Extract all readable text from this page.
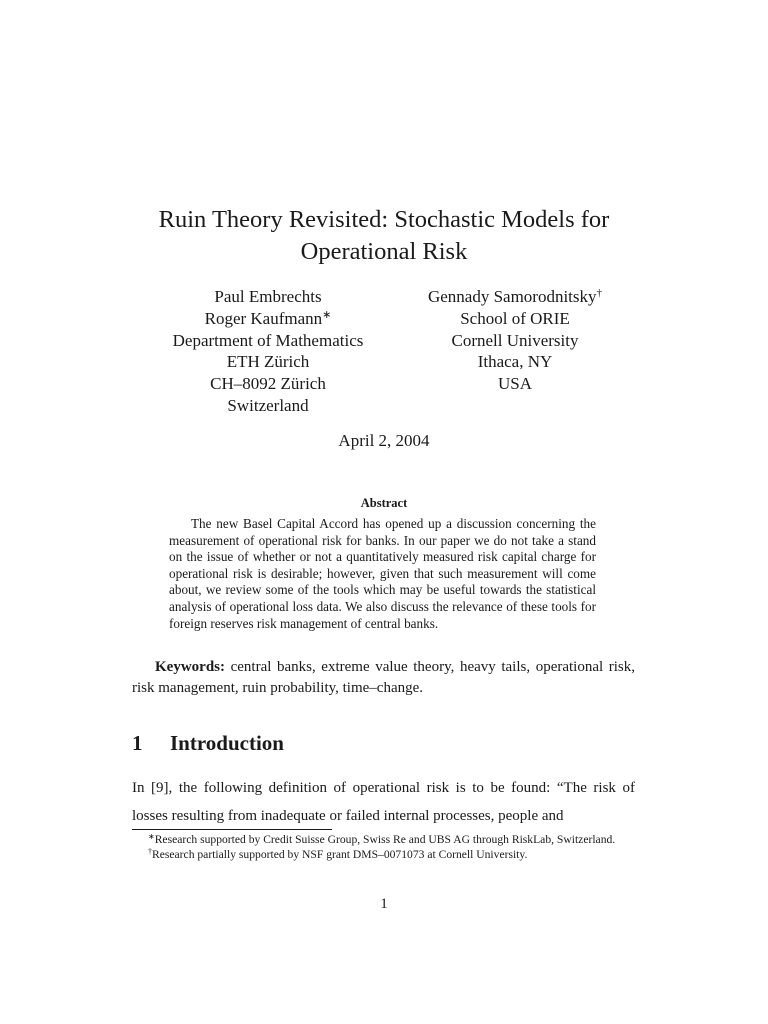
Ruin Theory Revisited: Stochastic Models for
Operational Risk
Paul Embrechts
Roger Kaufmann∗
Department of Mathematics
ETH Zürich
CH–8092 Zürich
Switzerland
Gennady Samorodnitsky†
School of ORIE
Cornell University
Ithaca, NY
USA
April 2, 2004
Abstract

The new Basel Capital Accord has opened up a discussion concerning the measurement of operational risk for banks. In our paper we do not take a stand on the issue of whether or not a quantitatively measured risk capital charge for operational risk is desirable; however, given that such measurement will come about, we review some of the tools which may be useful towards the statistical analysis of operational loss data. We also discuss the relevance of these tools for foreign reserves risk management of central banks.

Keywords: central banks, extreme value theory, heavy tails, operational risk, risk management, ruin probability, time–change.

1 Introduction

In [9], the following definition of operational risk is to be found: “The risk of losses resulting from inadequate or failed internal processes, people and

∗Research supported by Credit Suisse Group, Swiss Re and UBS AG through RiskLab, Switzerland.

†Research partially supported by NSF grant DMS–0071073 at Cornell University.

1
